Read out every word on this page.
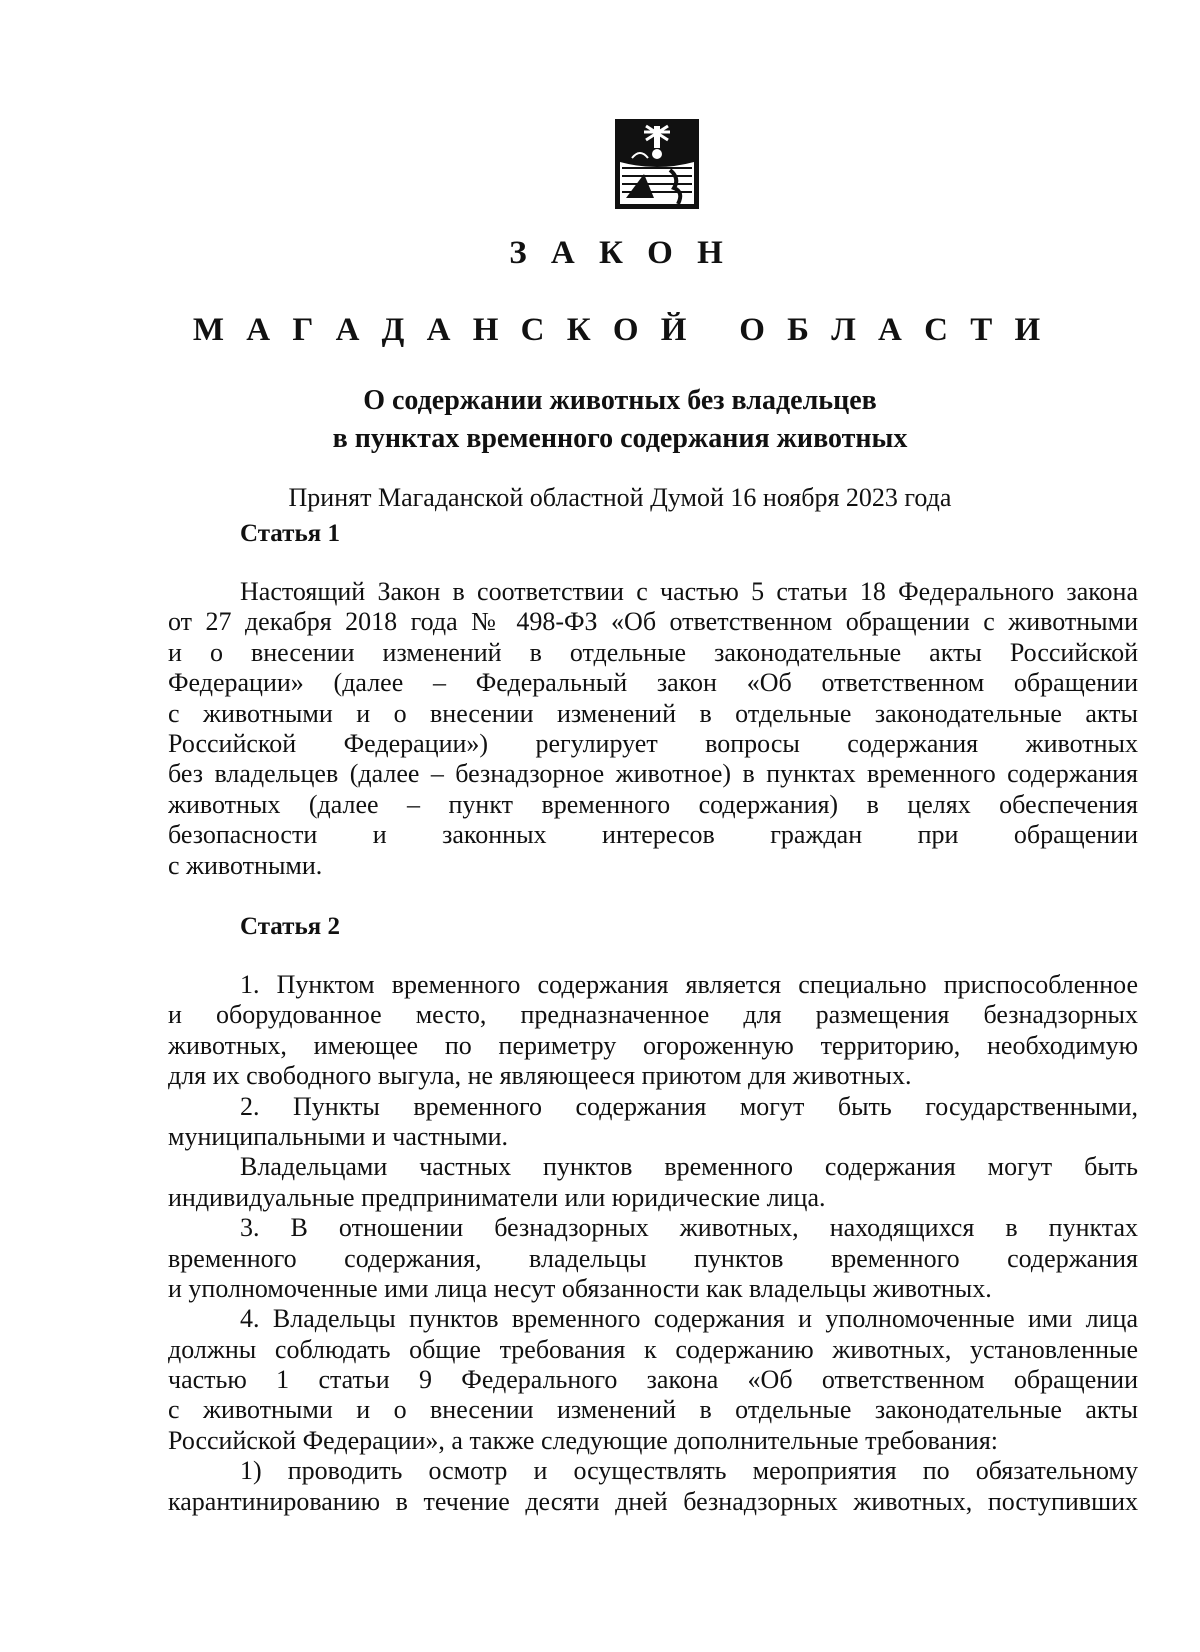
З А К О Н
М А Г А Д А Н С К О Й   О Б Л А С Т И
О содержании животных без владельцев
в пунктах временного содержания животных
Принят Магаданской областной Думой 16 ноября 2023 года
Статья 1
Настоящий Закон в соответствии с частью 5 статьи 18 Федерального закона
от 27 декабря 2018 года № 498-ФЗ «Об ответственном обращении с животными
и о внесении изменений в отдельные законодательные акты Российской
Федерации» (далее – Федеральный закон «Об ответственном обращении
с животными и о внесении изменений в отдельные законодательные акты
Российской Федерации») регулирует вопросы содержания животных
без владельцев (далее – безнадзорное животное) в пунктах временного содержания
животных (далее – пункт временного содержания) в целях обеспечения
безопасности и законных интересов граждан при обращении
с животными.
Статья 2
1. Пунктом временного содержания является специально приспособленное
и оборудованное место, предназначенное для размещения безнадзорных
животных, имеющее по периметру огороженную территорию, необходимую
для их свободного выгула, не являющееся приютом для животных.
2. Пункты временного содержания могут быть государственными,
муниципальными и частными.
Владельцами частных пунктов временного содержания могут быть
индивидуальные предприниматели или юридические лица.
3. В отношении безнадзорных животных, находящихся в пунктах
временного содержания, владельцы пунктов временного содержания
и уполномоченные ими лица несут обязанности как владельцы животных.
4. Владельцы пунктов временного содержания и уполномоченные ими лица
должны соблюдать общие требования к содержанию животных, установленные
частью 1 статьи 9 Федерального закона «Об ответственном обращении
с животными и о внесении изменений в отдельные законодательные акты
Российской Федерации», а также следующие дополнительные требования:
1) проводить осмотр и осуществлять мероприятия по обязательному
карантинированию в течение десяти дней безнадзорных животных, поступивших
